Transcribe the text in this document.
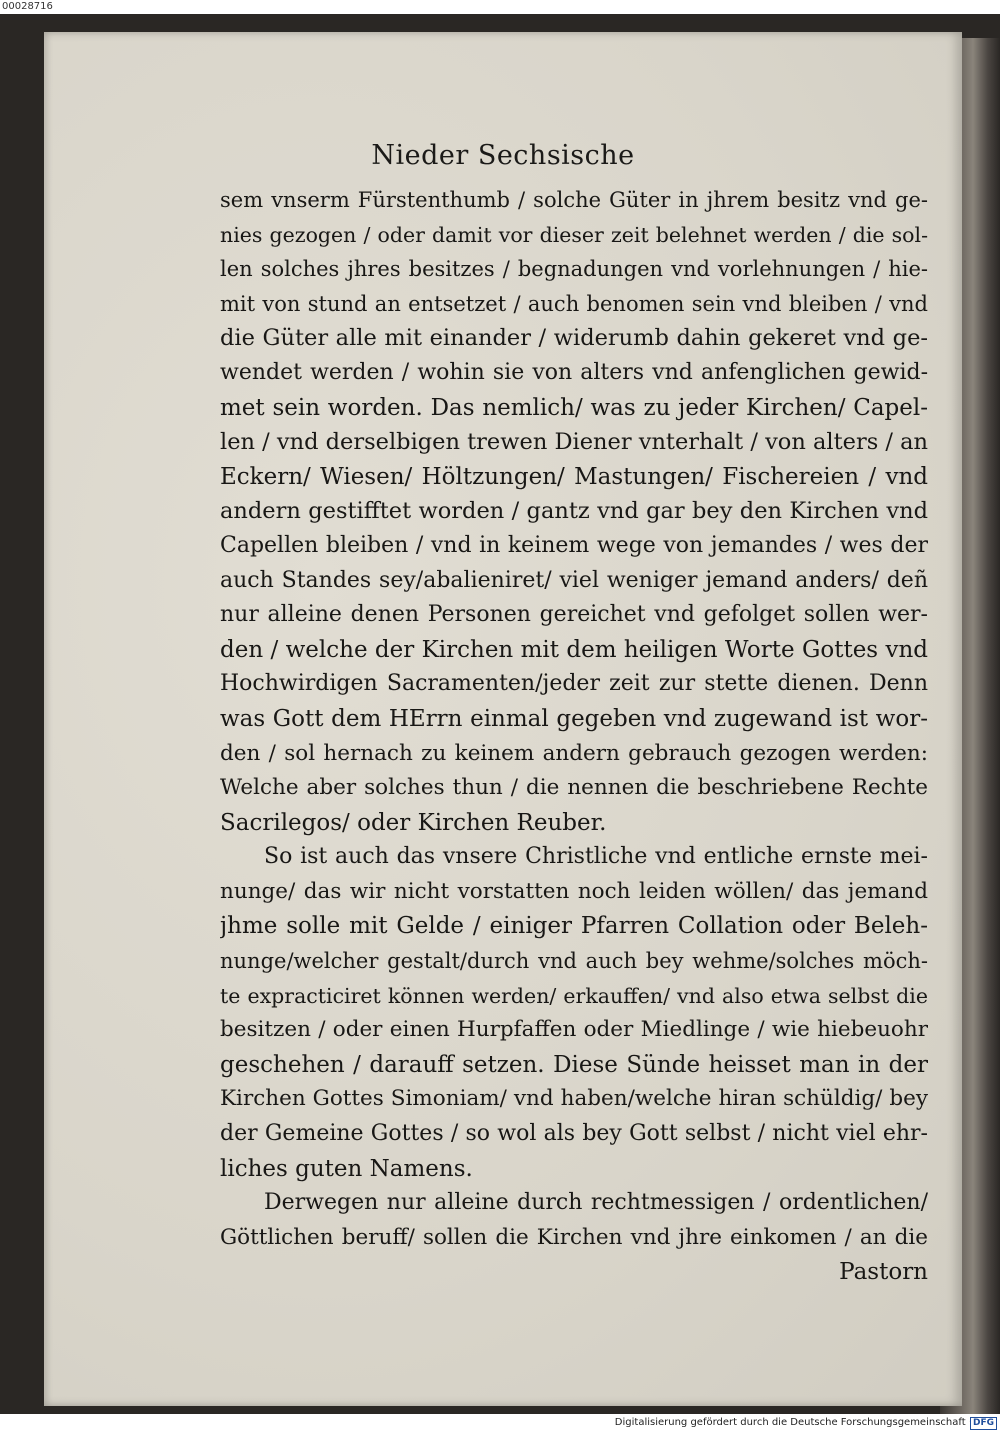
00028716
Nieder Sechsische
sem vnserm Fürstenthumb / solche Güter in jhrem besitz vnd ge-
nies gezogen / oder damit vor dieser zeit belehnet werden / die sol-
len solches jhres besitzes / begnadungen vnd vorlehnungen / hie-
mit von stund an entsetzet / auch benomen sein vnd bleiben / vnd
die Güter alle mit einander / widerumb dahin gekeret vnd ge-
wendet werden / wohin sie von alters vnd anfenglichen gewid-
met sein worden. Das nemlich/ was zu jeder Kirchen/ Capel-
len / vnd derselbigen trewen Diener vnterhalt / von alters / an
Eckern/ Wiesen/ Höltzungen/ Mastungen/ Fischereien / vnd
andern gestifftet worden / gantz vnd gar bey den Kirchen vnd
Capellen bleiben / vnd in keinem wege von jemandes / wes der
auch Standes sey/abalieniret/ viel weniger jemand anders/ deñ
nur alleine denen Personen gereichet vnd gefolget sollen wer-
den / welche der Kirchen mit dem heiligen Worte Gottes vnd
Hochwirdigen Sacramenten/jeder zeit zur stette dienen. Denn
was Gott dem HErrn einmal gegeben vnd zugewand ist wor-
den / sol hernach zu keinem andern gebrauch gezogen werden:
Welche aber solches thun / die nennen die beschriebene Rechte
Sacrilegos/ oder Kirchen Reuber.
So ist auch das vnsere Christliche vnd entliche ernste mei-
nunge/ das wir nicht vorstatten noch leiden wöllen/ das jemand
jhme solle mit Gelde / einiger Pfarren Collation oder Beleh-
nunge/welcher gestalt/durch vnd auch bey wehme/solches möch-
te expracticiret können werden/ erkauffen/ vnd also etwa selbst die
besitzen / oder einen Hurpfaffen oder Miedlinge / wie hiebeuohr
geschehen / darauff setzen. Diese Sünde heisset man in der
Kirchen Gottes Simoniam/ vnd haben/welche hiran schüldig/ bey
der Gemeine Gottes / so wol als bey Gott selbst / nicht viel ehr-
liches guten Namens.
Derwegen nur alleine durch rechtmessigen / ordentlichen/
Göttlichen beruff/ sollen die Kirchen vnd jhre einkomen / an die
Pastorn
Digitalisierung gefördert durch die Deutsche Forschungsgemeinschaft · DFG
